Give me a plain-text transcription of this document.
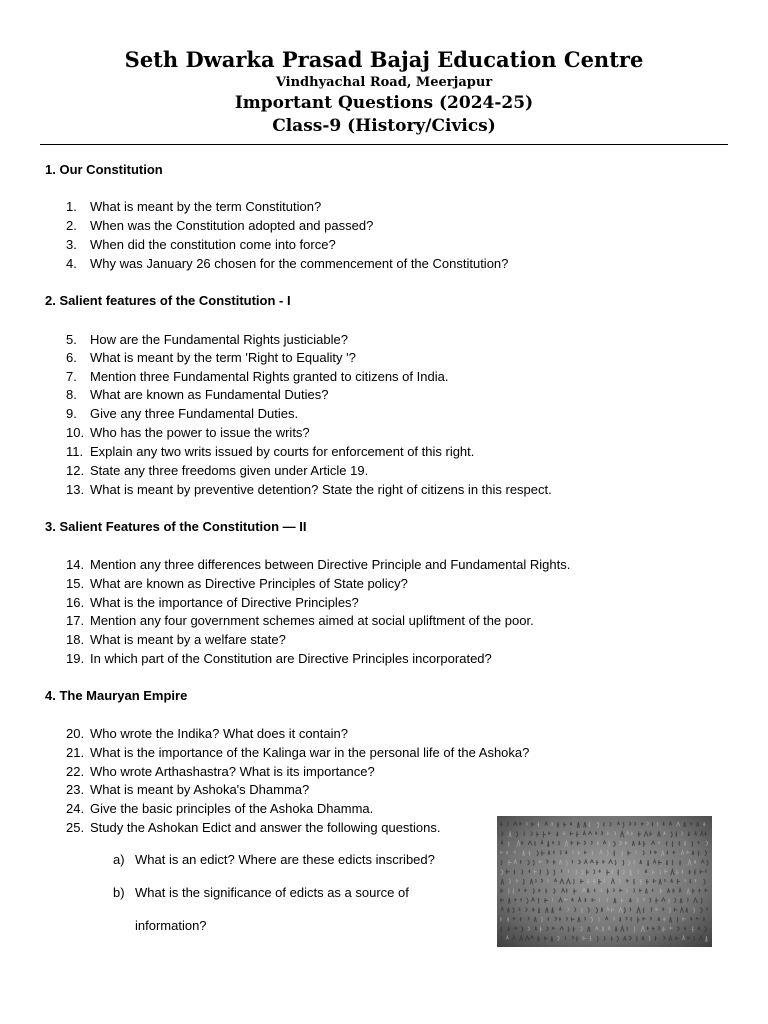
Seth Dwarka Prasad Bajaj Education Centre
Vindhyachal Road, Meerjapur
Important Questions (2024-25)
Class-9 (History/Civics)
1. Our Constitution
1. What is meant by the term Constitution?
2. When was the Constitution adopted and passed?
3. When did the constitution come into force?
4. Why was January 26 chosen for the commencement of the Constitution?
2. Salient features of the Constitution - I
5. How are the Fundamental Rights justiciable?
6. What is meant by the term 'Right to Equality '?
7. Mention three Fundamental Rights granted to citizens of India.
8. What are known as Fundamental Duties?
9. Give any three Fundamental Duties.
10. Who has the power to issue the writs?
11. Explain any two writs issued by courts for enforcement of this right.
12. State any three freedoms given under Article 19.
13. What is meant by preventive detention? State the right of citizens in this respect.
3. Salient Features of the Constitution — II
14. Mention any three differences between Directive Principle and Fundamental Rights.
15. What are known as Directive Principles of State policy?
16. What is the importance of Directive Principles?
17. Mention any four government schemes aimed at social upliftment of the poor.
18. What is meant by a welfare state?
19. In which part of the Constitution are Directive Principles incorporated?
4. The Mauryan Empire
20. Who wrote the Indika? What does it contain?
21. What is the importance of the Kalinga war in the personal life of the Ashoka?
22. Who wrote Arthashastra? What is its importance?
23. What is meant by Ashoka's Dhamma?
24. Give the basic principles of the Ashoka Dhamma.
25. Study the Ashokan Edict and answer the following questions.
a) What is an edict? Where are these edicts inscribed?
b) What is the significance of edicts as a source of
information?
